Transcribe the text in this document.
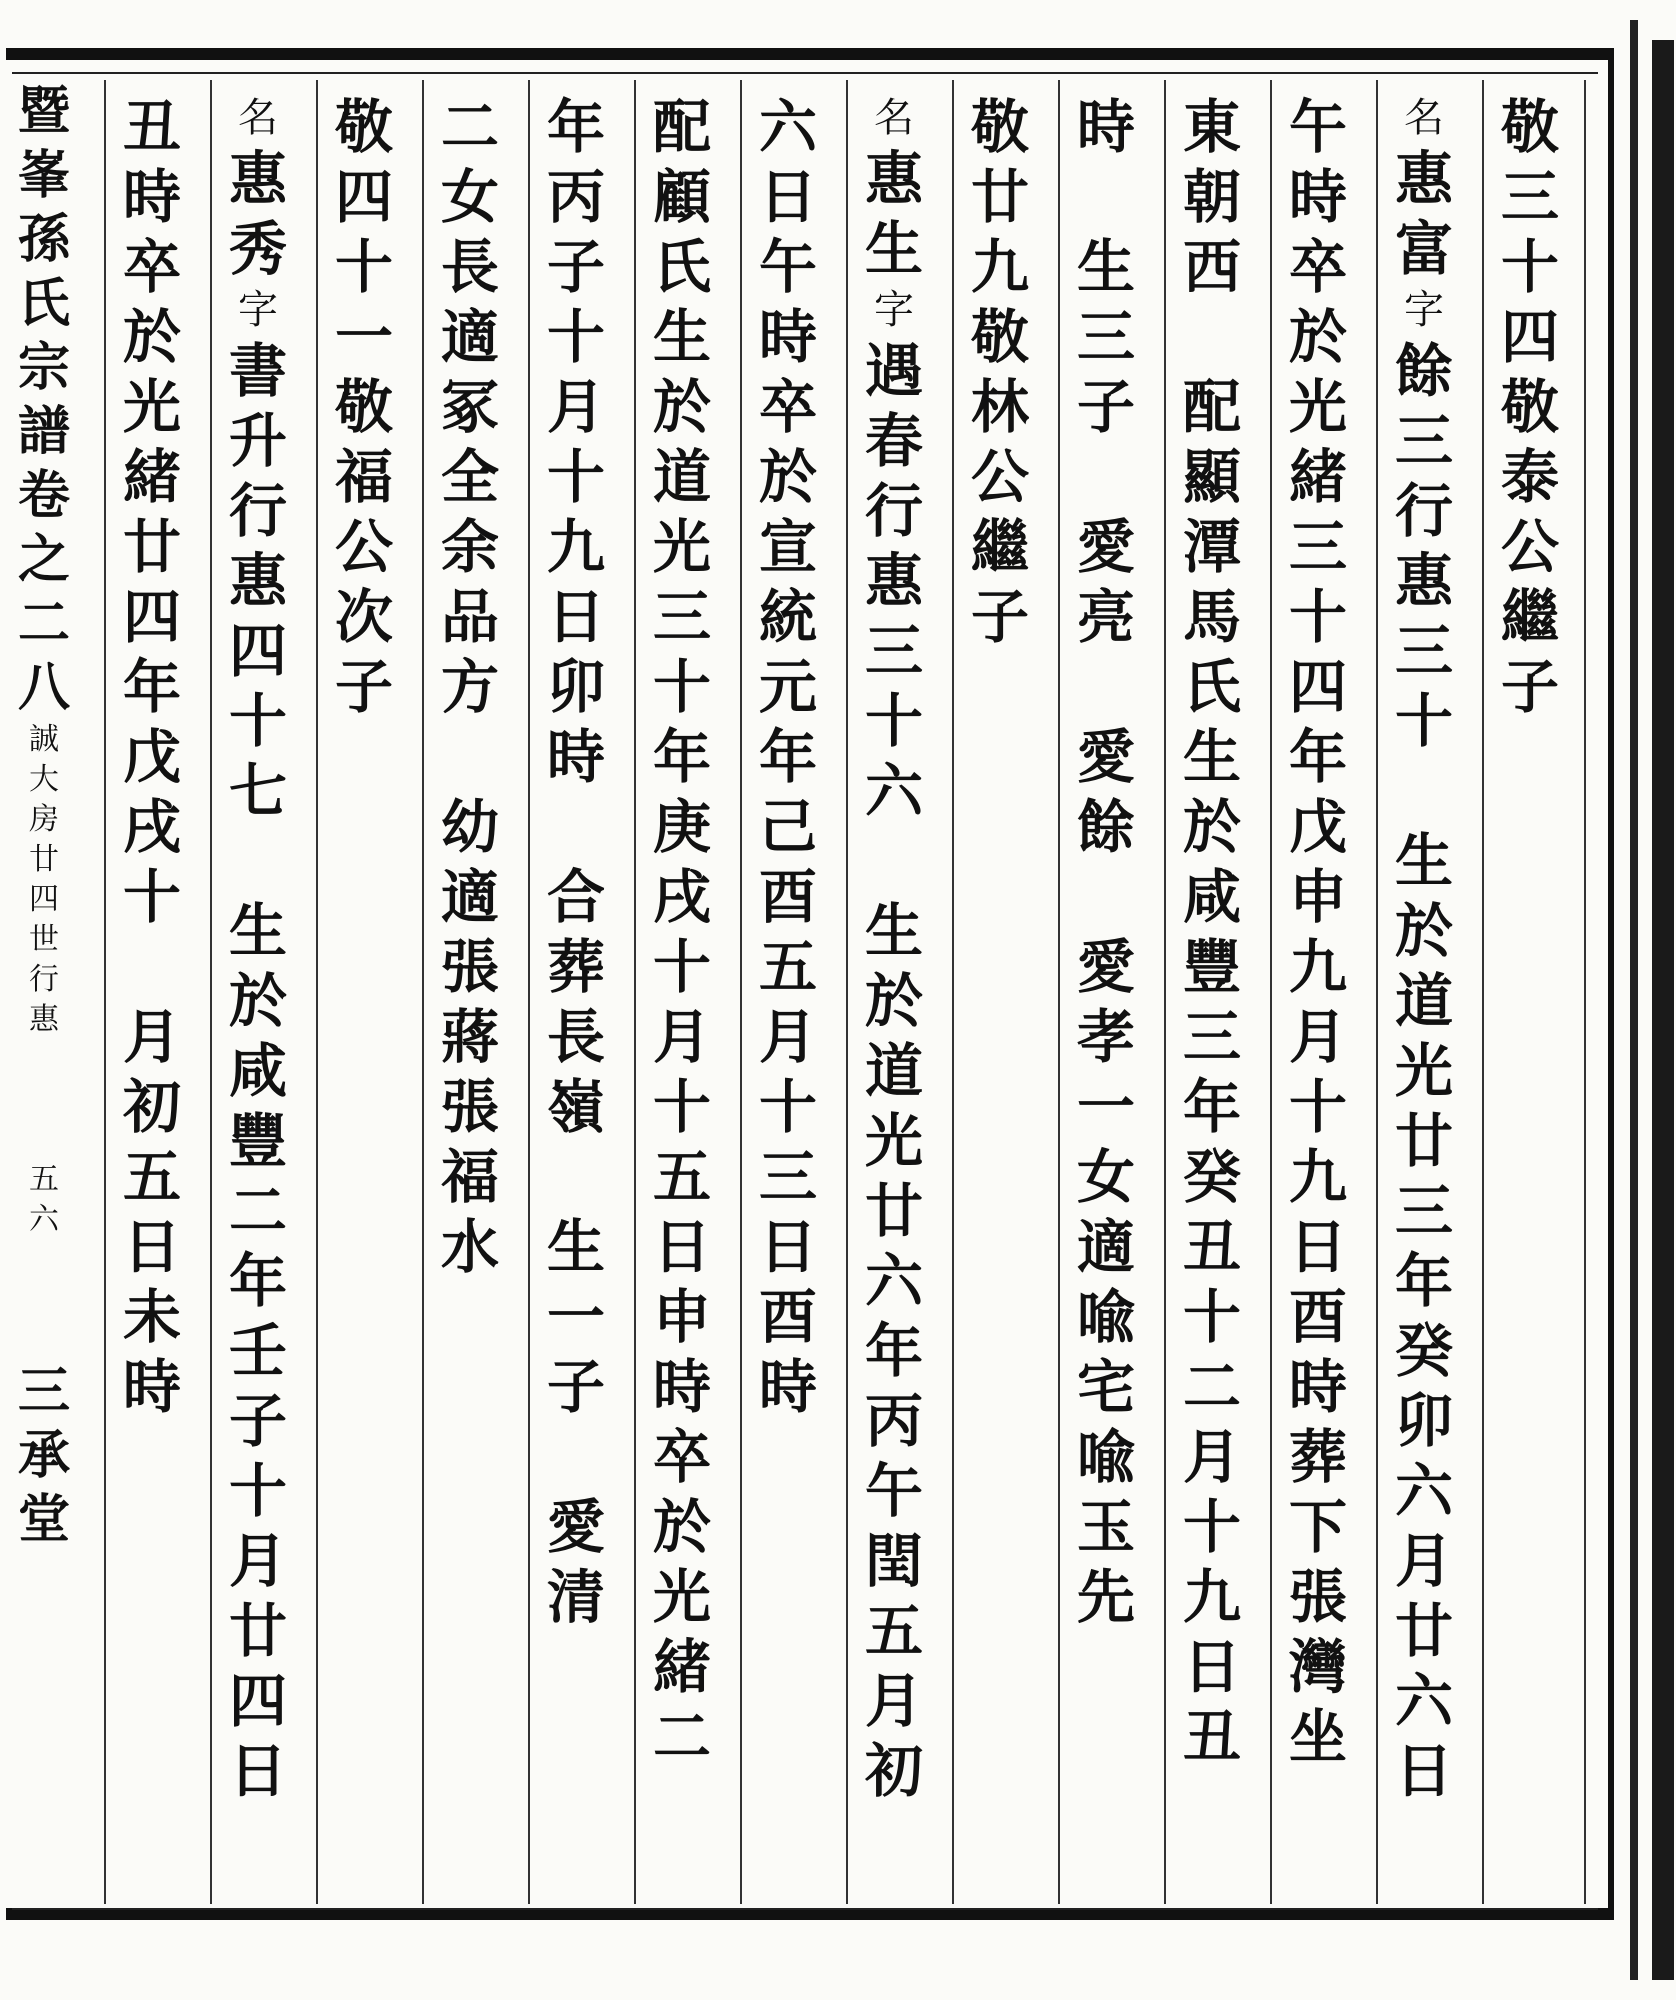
暨
峯
孫
氏
宗
譜
卷
之
二
八
誠
大
房
廿
四
世
行
惠
五
六
三
承
堂
敬
三
十
四
敬
泰
公
繼
子
名
惠
富
字
餘
三
行
惠
三
十
生
於
道
光
廿
三
年
癸
卯
六
月
廿
六
日
午
時
卒
於
光
緒
三
十
四
年
戊
申
九
月
十
九
日
酉
時
葬
下
張
灣
坐
東
朝
西
配
顯
潭
馬
氏
生
於
咸
豐
三
年
癸
丑
十
二
月
十
九
日
丑
時
生
三
子
愛
亮
愛
餘
愛
孝
一
女
適
喩
宅
喩
玉
先
敬
廿
九
敬
林
公
繼
子
名
惠
生
字
遇
春
行
惠
三
十
六
生
於
道
光
廿
六
年
丙
午
閏
五
月
初
六
日
午
時
卒
於
宣
統
元
年
己
酉
五
月
十
三
日
酉
時
配
顧
氏
生
於
道
光
三
十
年
庚
戌
十
月
十
五
日
申
時
卒
於
光
緒
二
年
丙
子
十
月
十
九
日
卯
時
合
葬
長
嶺
生
一
子
愛
清
二
女
長
適
冢
全
余
品
方
幼
適
張
蔣
張
福
水
敬
四
十
一
敬
福
公
次
子
名
惠
秀
字
書
升
行
惠
四
十
七
生
於
咸
豐
二
年
壬
子
十
月
廿
四
日
丑
時
卒
於
光
緒
廿
四
年
戊
戌
十
月
初
五
日
未
時
